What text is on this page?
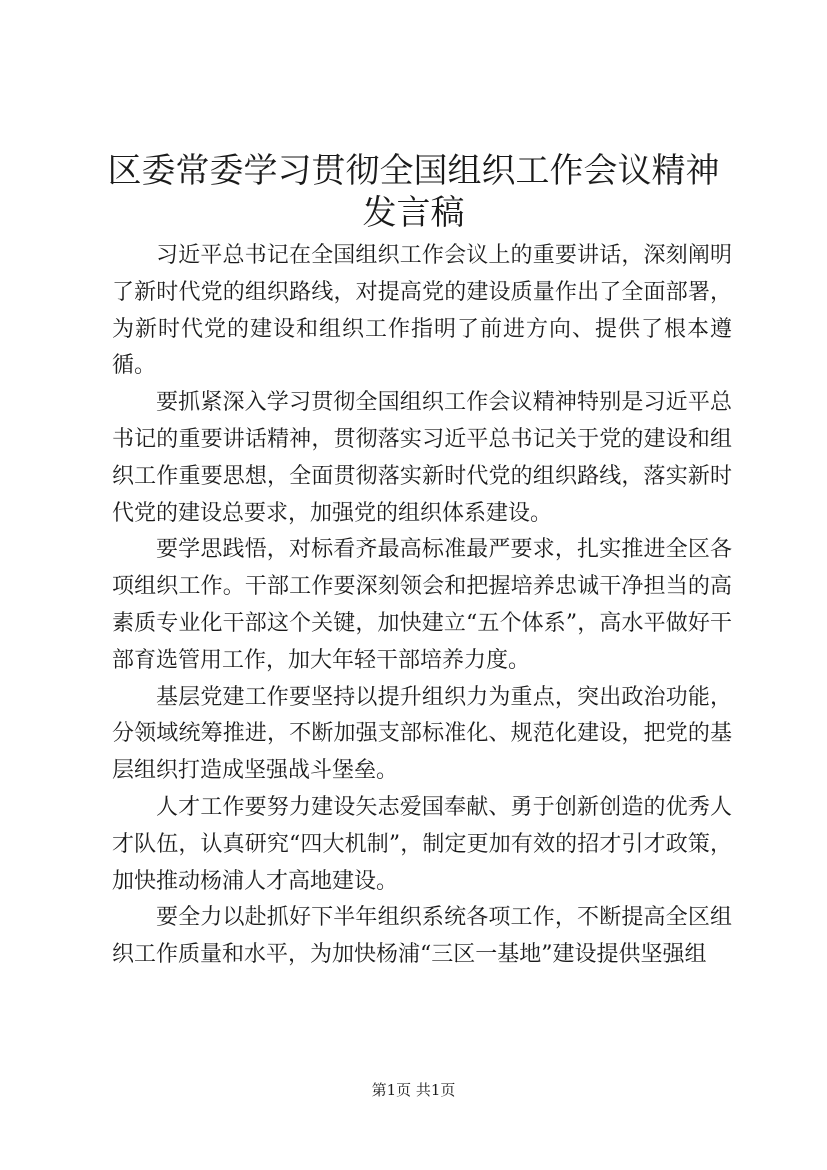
区委常委学习贯彻全国组织工作会议精神发言稿

习近平总书记在全国组织工作会议上的重要讲话，深刻阐明了新时代党的组织路线，对提高党的建设质量作出了全面部署，为新时代党的建设和组织工作指明了前进方向、提供了根本遵循。

要抓紧深入学习贯彻全国组织工作会议精神特别是习近平总书记的重要讲话精神，贯彻落实习近平总书记关于党的建设和组织工作重要思想，全面贯彻落实新时代党的组织路线，落实新时代党的建设总要求，加强党的组织体系建设。

要学思践悟，对标看齐最高标准最严要求，扎实推进全区各项组织工作。干部工作要深刻领会和把握培养忠诚干净担当的高素质专业化干部这个关键，加快建立“五个体系”，高水平做好干部育选管用工作，加大年轻干部培养力度。

基层党建工作要坚持以提升组织力为重点，突出政治功能，分领域统筹推进，不断加强支部标准化、规范化建设，把党的基层组织打造成坚强战斗堡垒。

人才工作要努力建设矢志爱国奉献、勇于创新创造的优秀人才队伍，认真研究“四大机制”，制定更加有效的招才引才政策，加快推动杨浦人才高地建设。

要全力以赴抓好下半年组织系统各项工作，不断提高全区组织工作质量和水平，为加快杨浦“三区一基地”建设提供坚强组

第1页 共1页
